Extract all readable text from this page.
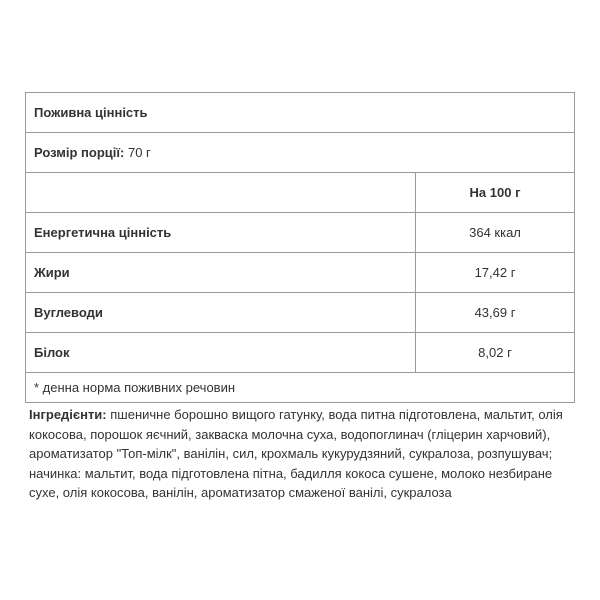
Поживна цінність	
Розмір порції: 70 г	
	На 100 г
Енергетична цінність	364 ккал
Жири	17,42 г
Вуглеводи	43,69 г
Білок	8,02 г
* денна норма поживних речовин	
Інгредієнти: пшеничне борошно вищого гатунку, вода питна підготовлена, мальтит, олія кокосова, порошок яєчний, закваска молочна суха, водопоглинач (гліцерин харчовий), ароматизатор "Топ-мілк", ванілін, сил, крохмаль кукурудзяний, сукралоза, розпушувач; начинка: мальтит, вода підготовлена пітна, бадилля кокоса сушене, молоко незбиране сухе, олія кокосова, ванілін, ароматизатор смаженої ванілі, сукралоза
